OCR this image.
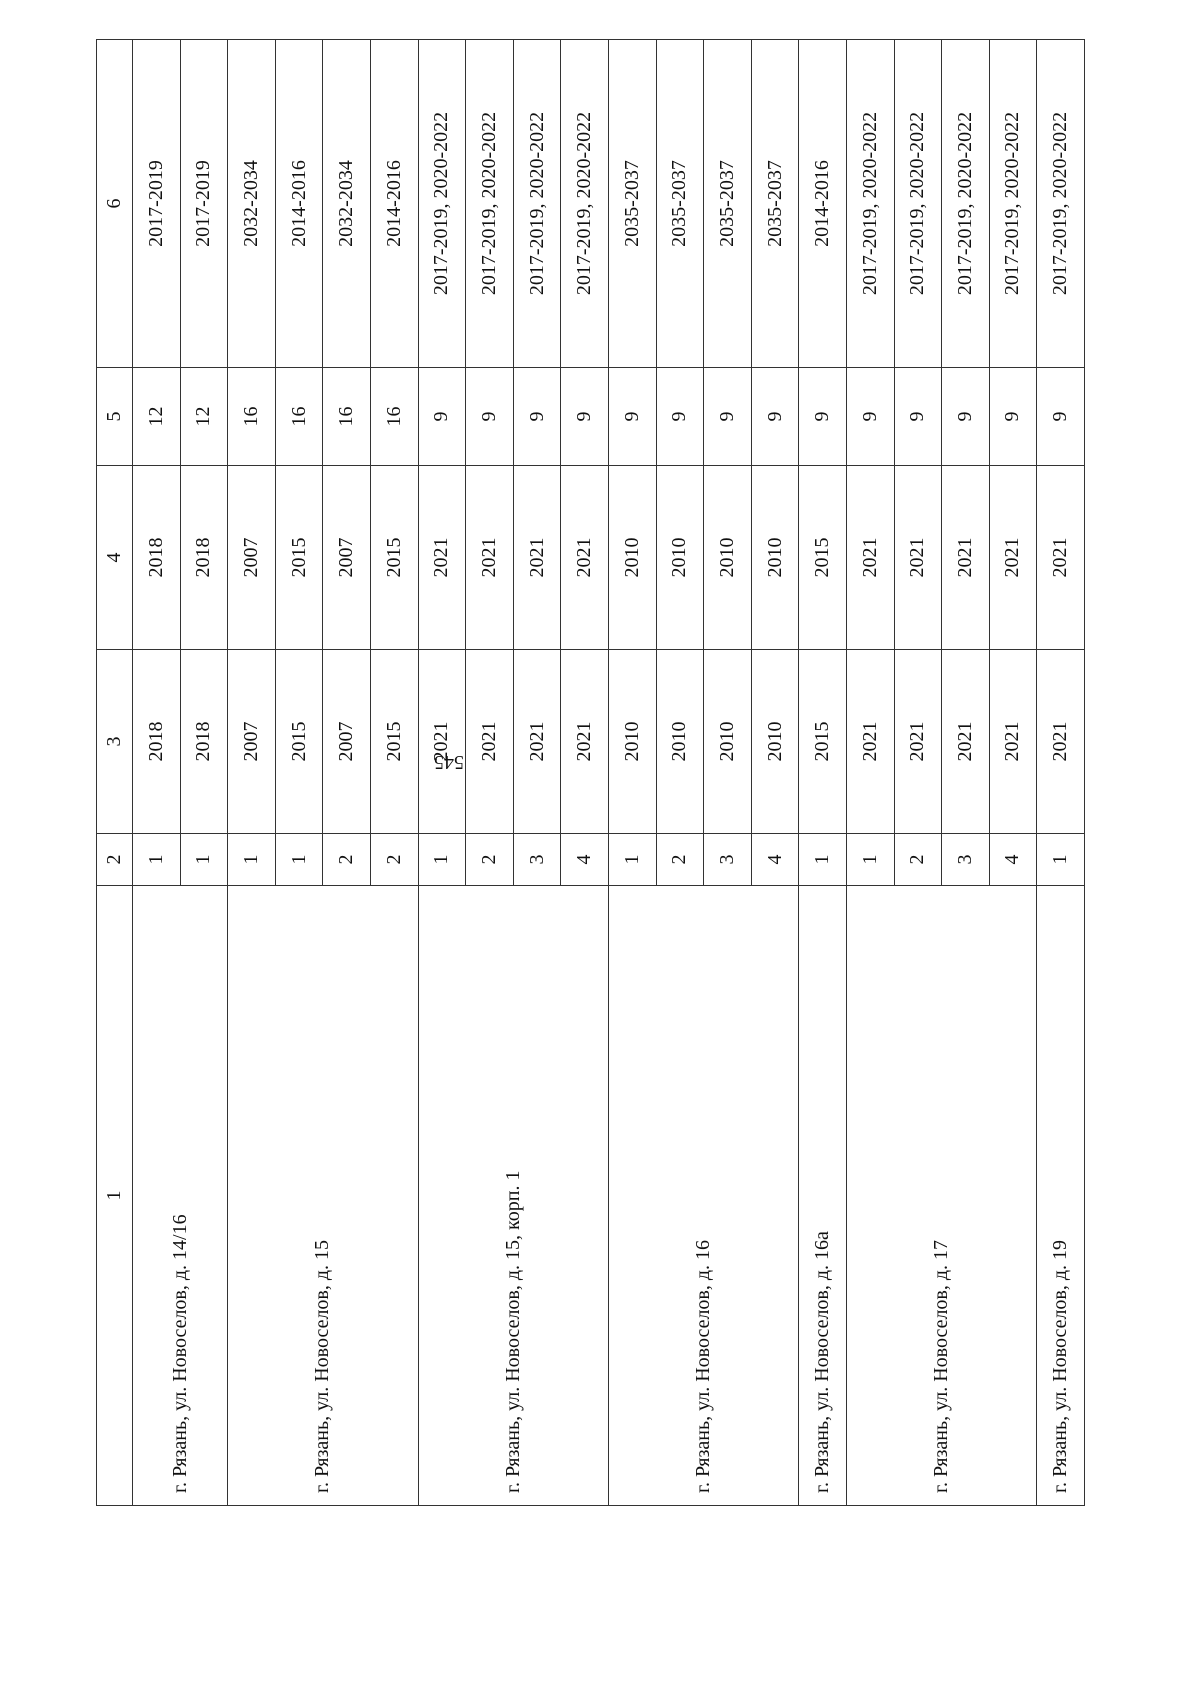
545
1	2	3	4	5	6
г. Рязань, ул. Новоселов, д. 14/16	1	2018	2018	12	2017-2019
	1	2018	2018	12	2017-2019
г. Рязань, ул. Новоселов, д. 15	1	2007	2007	16	2032-2034
	1	2015	2015	16	2014-2016
	2	2007	2007	16	2032-2034
	2	2015	2015	16	2014-2016
г. Рязань, ул. Новоселов, д. 15, корп. 1	1	2021	2021	9	2017-2019, 2020-2022
	2	2021	2021	9	2017-2019, 2020-2022
	3	2021	2021	9	2017-2019, 2020-2022
	4	2021	2021	9	2017-2019, 2020-2022
г. Рязань, ул. Новоселов, д. 16	1	2010	2010	9	2035-2037
	2	2010	2010	9	2035-2037
	3	2010	2010	9	2035-2037
	4	2010	2010	9	2035-2037
г. Рязань, ул. Новоселов, д. 16а	1	2015	2015	9	2014-2016
г. Рязань, ул. Новоселов, д. 17	1	2021	2021	9	2017-2019, 2020-2022
	2	2021	2021	9	2017-2019, 2020-2022
	3	2021	2021	9	2017-2019, 2020-2022
	4	2021	2021	9	2017-2019, 2020-2022
г. Рязань, ул. Новоселов, д. 19	1	2021	2021	9	2017-2019, 2020-2022
